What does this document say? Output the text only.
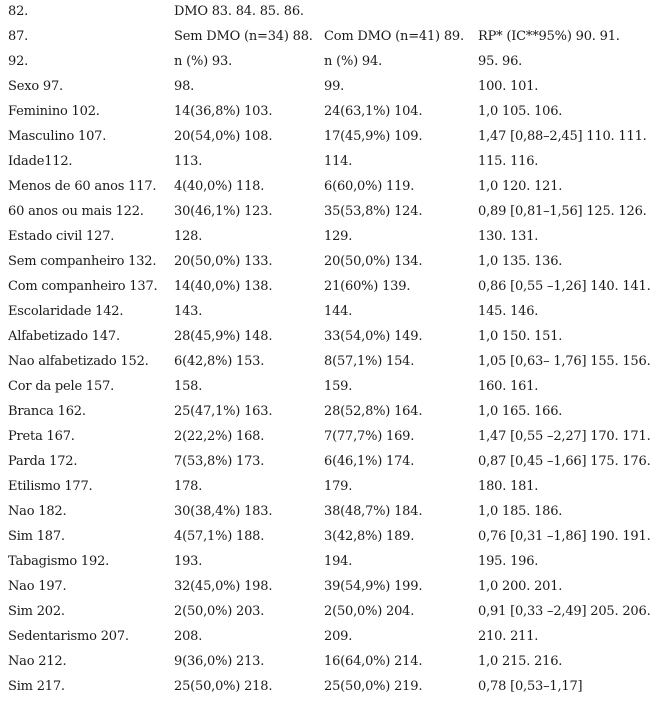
82.	DMO 83. 84. 85. 86.		
87.	Sem DMO (n=34) 88.	Com DMO (n=41) 89.	RP* (IC**95%) 90. 91.
92.	n (%) 93.	n (%) 94.	95. 96.
Sexo 97.	98.	99.	100. 101.
Feminino 102.	14(36,8%) 103.	24(63,1%) 104.	1,0 105. 106.
Masculino 107.	20(54,0%) 108.	17(45,9%) 109.	1,47 [0,88–2,45] 110. 111.
Idade112.	113.	114.	115. 116.
Menos de 60 anos 117.	4(40,0%) 118.	6(60,0%) 119.	1,0 120. 121.
60 anos ou mais 122.	30(46,1%) 123.	35(53,8%) 124.	0,89 [0,81–1,56] 125. 126.
Estado civil 127.	128.	129.	130. 131.
Sem companheiro 132.	20(50,0%) 133.	20(50,0%) 134.	1,0 135. 136.
Com companheiro 137.	14(40,0%) 138.	21(60%) 139.	0,86 [0,55 –1,26] 140. 141.
Escolaridade 142.	143.	144.	145. 146.
Alfabetizado 147.	28(45,9%) 148.	33(54,0%) 149.	1,0 150. 151.
Nao alfabetizado 152.	6(42,8%) 153.	8(57,1%) 154.	1,05 [0,63– 1,76] 155. 156.
Cor da pele 157.	158.	159.	160. 161.
Branca 162.	25(47,1%) 163.	28(52,8%) 164.	1,0 165. 166.
Preta 167.	2(22,2%) 168.	7(77,7%) 169.	1,47 [0,55 –2,27] 170. 171.
Parda 172.	7(53,8%) 173.	6(46,1%) 174.	0,87 [0,45 –1,66] 175. 176.
Etilismo 177.	178.	179.	180. 181.
Nao 182.	30(38,4%) 183.	38(48,7%) 184.	1,0 185. 186.
Sim 187.	4(57,1%) 188.	3(42,8%) 189.	0,76 [0,31 –1,86] 190. 191.
Tabagismo 192.	193.	194.	195. 196.
Nao 197.	32(45,0%) 198.	39(54,9%) 199.	1,0 200. 201.
Sim 202.	2(50,0%) 203.	2(50,0%) 204.	0,91 [0,33 –2,49] 205. 206.
Sedentarismo 207.	208.	209.	210. 211.
Nao 212.	9(36,0%) 213.	16(64,0%) 214.	1,0 215. 216.
Sim 217.	25(50,0%) 218.	25(50,0%) 219.	0,78 [0,53–1,17]
